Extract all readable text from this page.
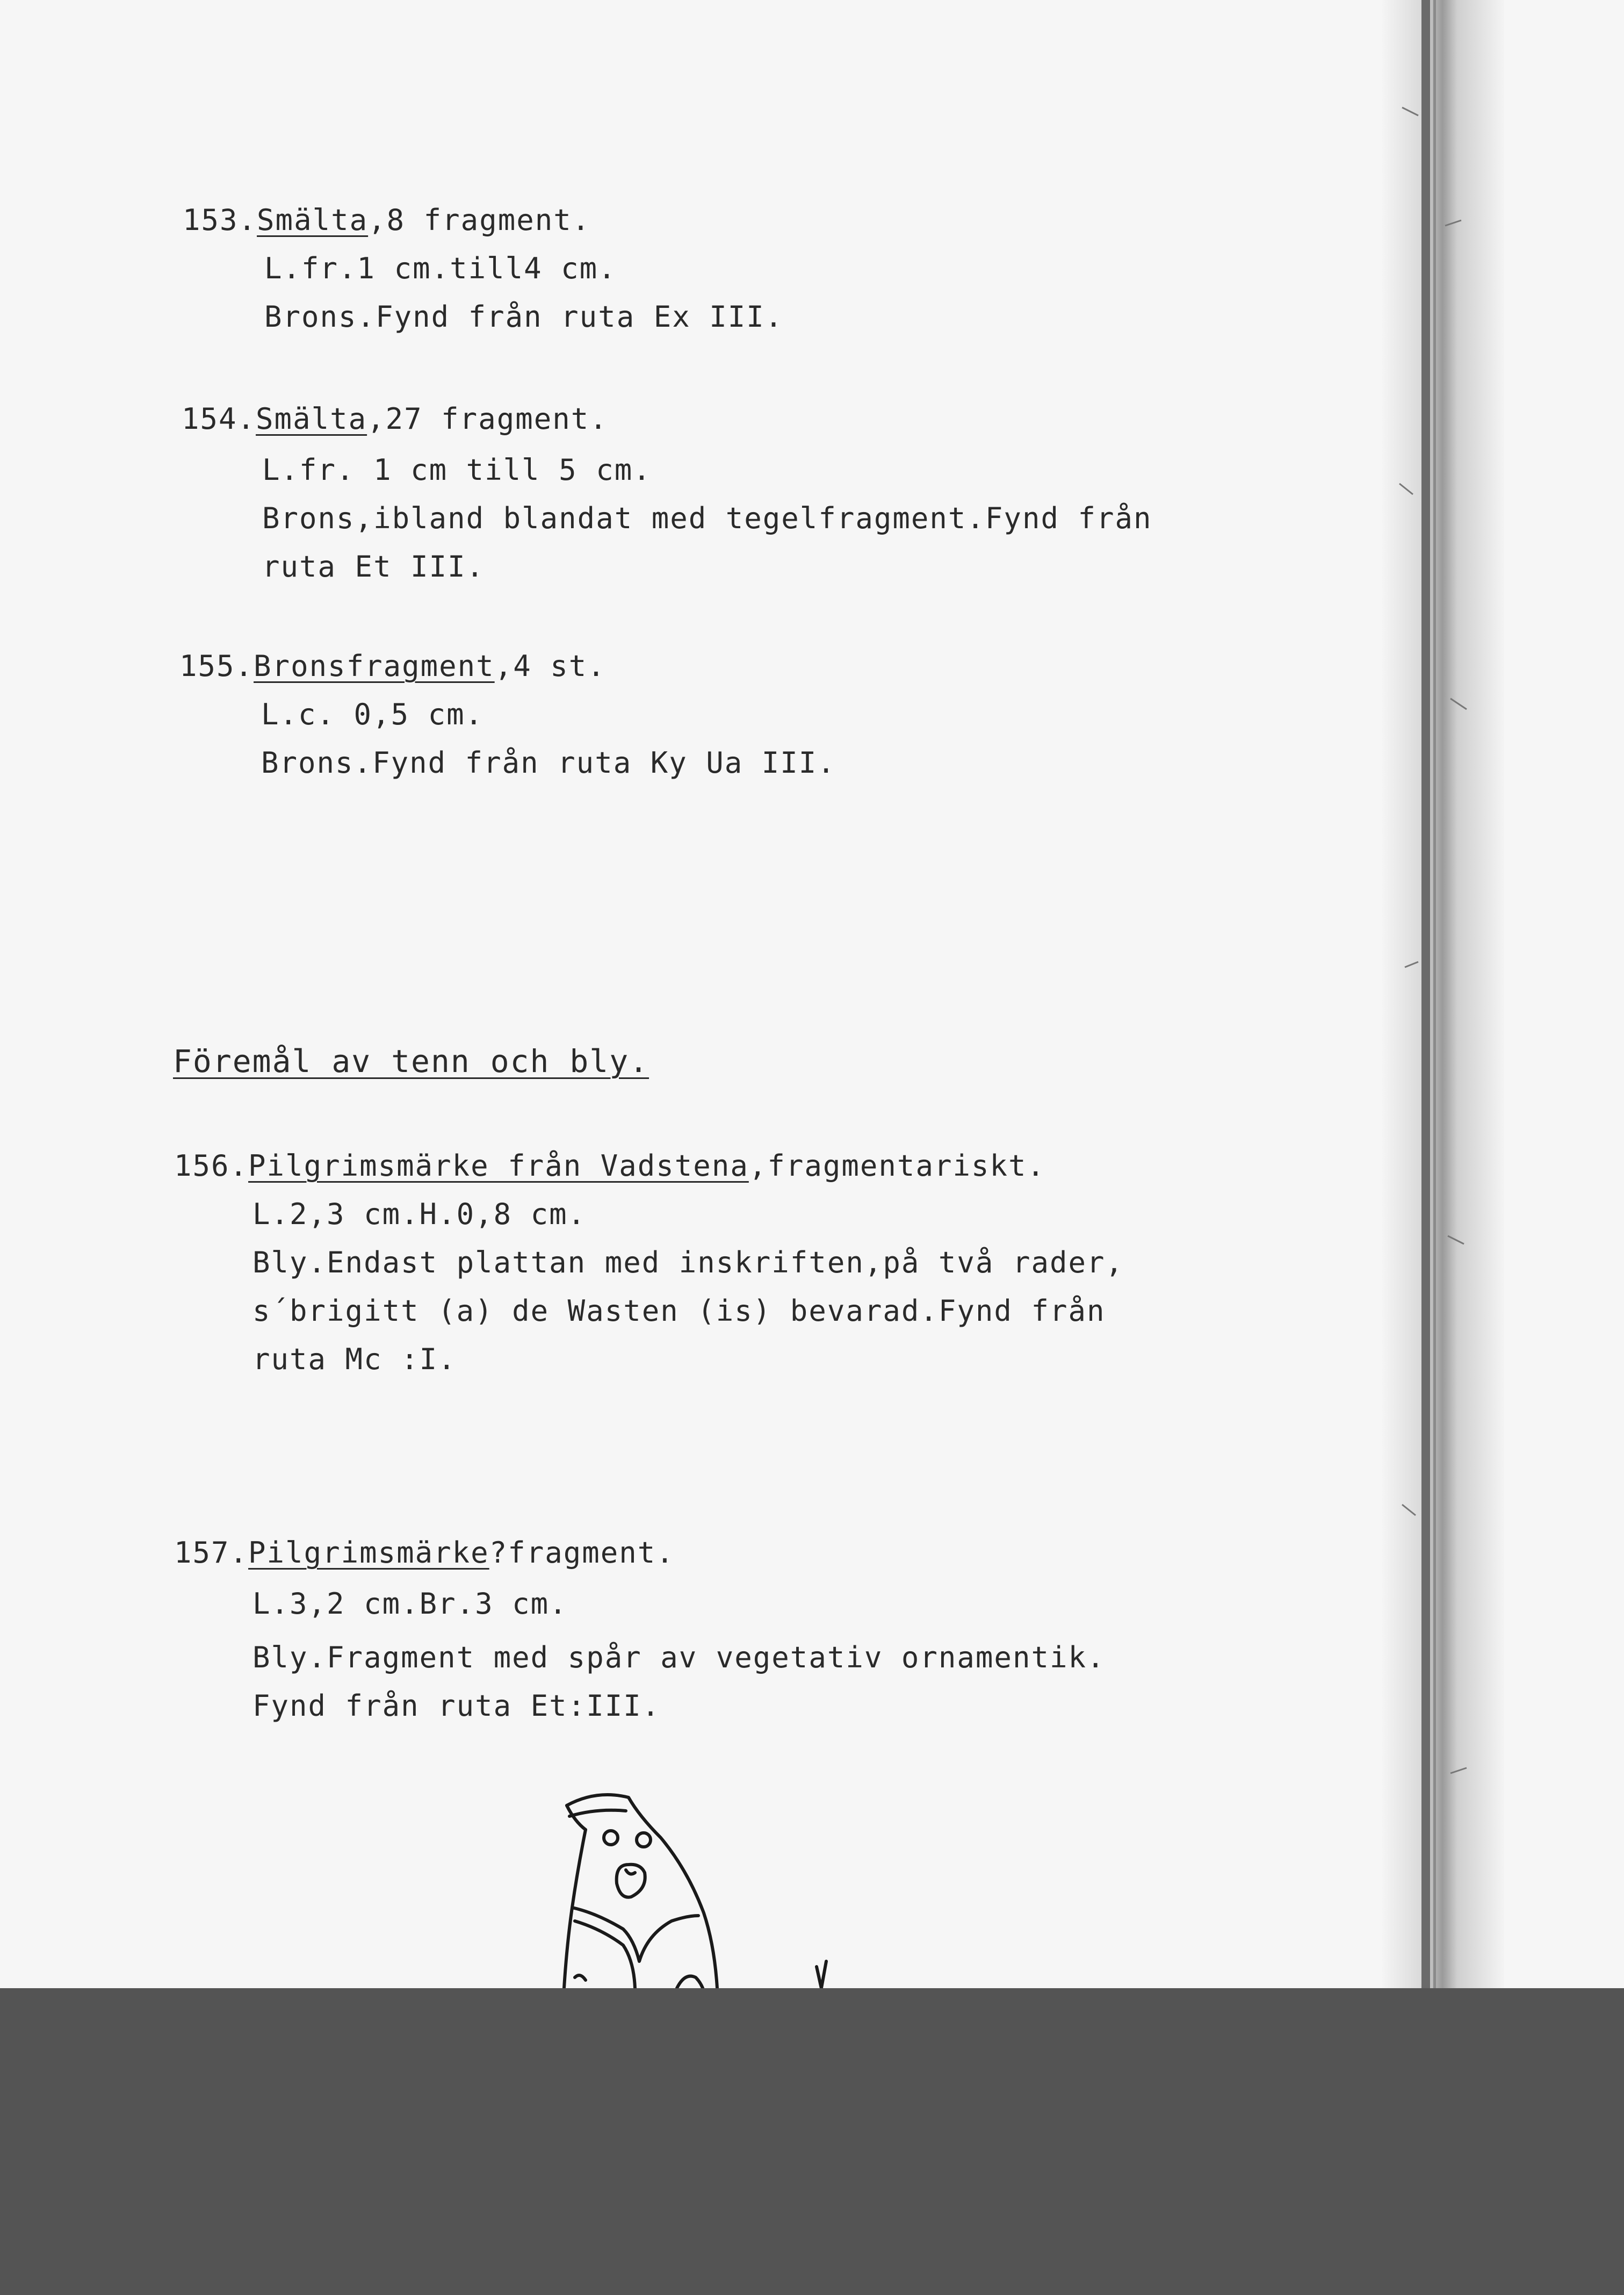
153.Smälta,8 fragment.
L.fr.1 cm.till4 cm.
Brons.Fynd från ruta Ex III.
154.Smälta,27 fragment.
L.fr. 1 cm till 5 cm.
Brons,ibland blandat med tegelfragment.Fynd från
ruta Et III.
155.Bronsfragment,4 st.
L.c. 0,5 cm.
Brons.Fynd från ruta Ky Ua III.
Föremål av tenn och bly.
156.Pilgrimsmärke från Vadstena,fragmentariskt.
L.2,3 cm.H.0,8 cm.
Bly.Endast plattan med inskriften,på två rader,
s´brigitt (a) de Wasten (is) bevarad.Fynd från
ruta Mc :I.
157.Pilgrimsmärke?fragment.
L.3,2 cm.Br.3 cm.
Bly.Fragment med spår av vegetativ ornamentik.
Fynd från ruta Et:III.
